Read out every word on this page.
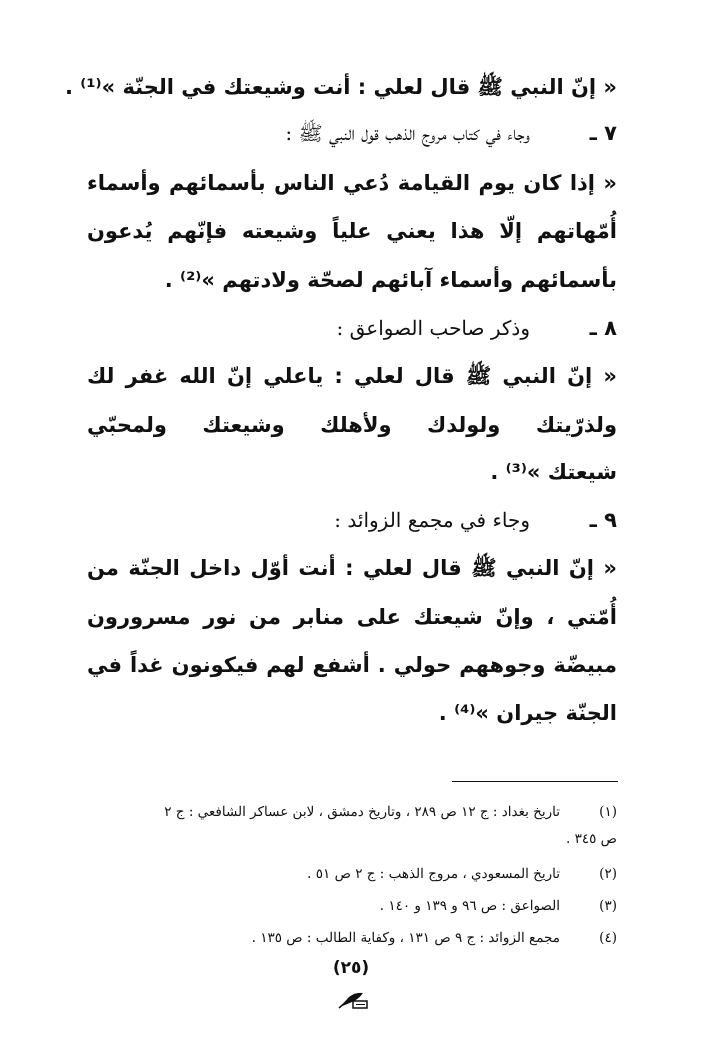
« إنّ النبي ﷺ قال لعلي : أنت وشيعتك في الجنّة »⁽¹⁾ .
٧ ـ
وجاء في كتاب مروج الذهب قول النبي ﷺ :
« إذا كان يوم القيامة دُعي الناس بأسمائهم وأسماء
أُمّهاتهم إلّا هذا يعني علياً وشيعته فإنّهم يُدعون
بأسمائهم وأسماء آبائهم لصحّة ولادتهم »⁽²⁾ .
٨ ـ
وذكر صاحب الصواعق :
« إنّ النبي ﷺ قال لعلي : ياعلي إنّ الله غفر لك
ولذرّيتك ولولدك ولأهلك وشيعتك ولمحبّي
شيعتك »⁽³⁾ .
٩ ـ
وجاء في مجمع الزوائد :
« إنّ النبي ﷺ قال لعلي : أنت أوّل داخل الجنّة من
أُمّتي ، وإنّ شيعتك على منابر من نور مسرورون
مبيضّة وجوههم حولي . أشفع لهم فيكونون غداً في
الجنّة جيران »⁽⁴⁾ .
(١)
تاريخ بغداد : ج ١٢ ص ٢٨٩ ، وتاريخ دمشق ، لابن عساكر الشافعي : ج ٢
ص ٣٤٥ .
(٢)
تاريخ المسعودي ، مروج الذهب : ج ٢ ص ٥١ .
(٣)
الصواعق : ص ٩٦ و ١٣٩ و ١٤٠ .
(٤)
مجمع الزوائد : ج ٩ ص ١٣١ ، وكفاية الطالب : ص ١٣٥ .
(٢٥)
